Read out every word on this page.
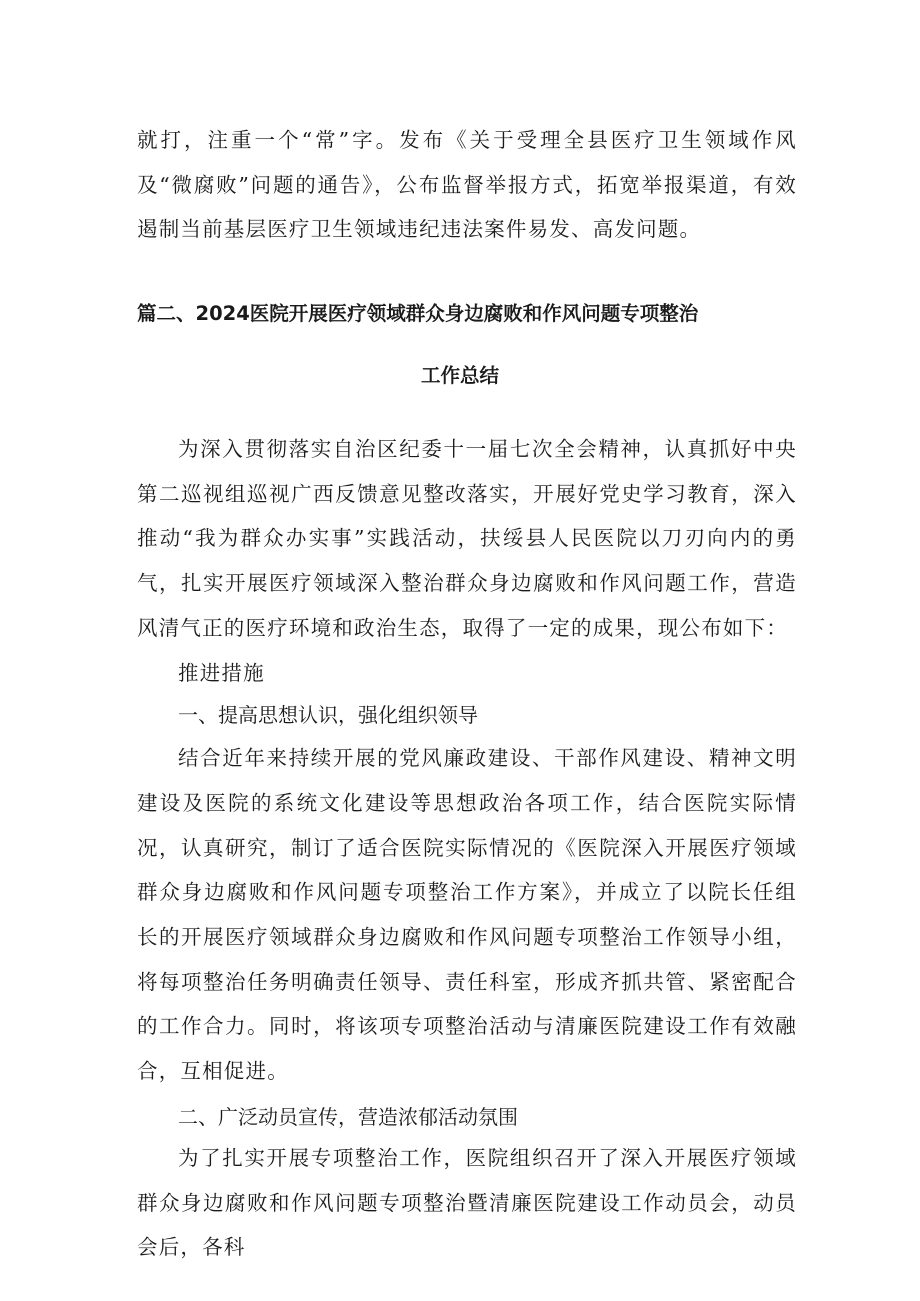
就打，注重一个“常”字。发布《关于受理全县医疗卫生领域作风及“微腐败”问题的通告》，公布监督举报方式，拓宽举报渠道，有效遏制当前基层医疗卫生领域违纪违法案件易发、高发问题。

篇二、2024医院开展医疗领域群众身边腐败和作风问题专项整治
工作总结

为深入贯彻落实自治区纪委十一届七次全会精神，认真抓好中央第二巡视组巡视广西反馈意见整改落实，开展好党史学习教育，深入推动“我为群众办实事”实践活动，扶绥县人民医院以刀刃向内的勇气，扎实开展医疗领域深入整治群众身边腐败和作风问题工作，营造风清气正的医疗环境和政治生态，取得了一定的成果，现公布如下：

推进措施

一、提高思想认识，强化组织领导

结合近年来持续开展的党风廉政建设、干部作风建设、精神文明建设及医院的系统文化建设等思想政治各项工作，结合医院实际情况，认真研究，制订了适合医院实际情况的《医院深入开展医疗领域群众身边腐败和作风问题专项整治工作方案》，并成立了以院长任组长的开展医疗领域群众身边腐败和作风问题专项整治工作领导小组，将每项整治任务明确责任领导、责任科室，形成齐抓共管、紧密配合的工作合力。同时，将该项专项整治活动与清廉医院建设工作有效融合，互相促进。

二、广泛动员宣传，营造浓郁活动氛围

为了扎实开展专项整治工作，医院组织召开了深入开展医疗领域群众身边腐败和作风问题专项整治暨清廉医院建设工作动员会，动员会后，各科
